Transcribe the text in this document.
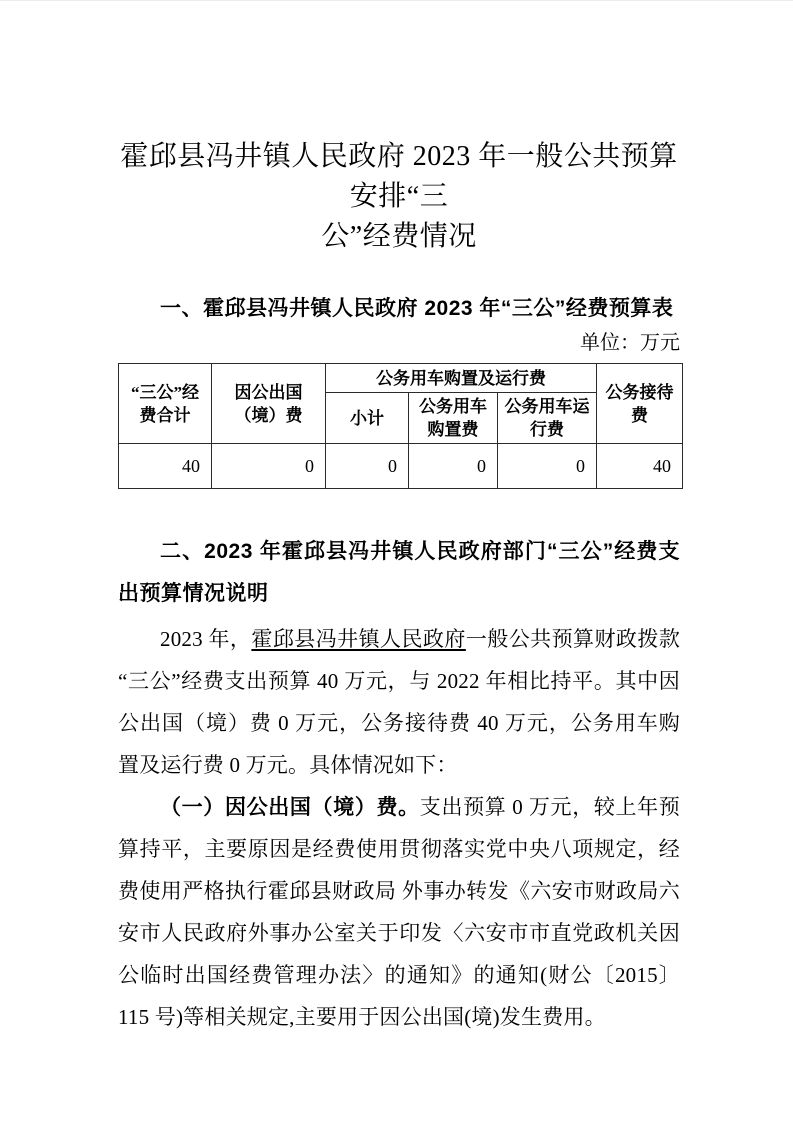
霍邱县冯井镇人民政府 2023 年一般公共预算安排“三
公”经费情况
一、霍邱县冯井镇人民政府 2023 年“三公”经费预算表
单位：万元
“三公”经费合计	因公出国（境）费	公务用车购置及运行费			公务接待费
		小计	公务用车购置费	公务用车运行费	
40	0	0	0	0	40
二、2023 年霍邱县冯井镇人民政府部门“三公”经费支出预算情况说明

2023 年，霍邱县冯井镇人民政府一般公共预算财政拨款“三公”经费支出预算 40 万元，与 2022 年相比持平。其中因公出国（境）费 0 万元，公务接待费 40 万元，公务用车购置及运行费 0 万元。具体情况如下：

（一）因公出国（境）费。支出预算 0 万元，较上年预算持平，主要原因是经费使用贯彻落实党中央八项规定，经费使用严格执行霍邱县财政局 外事办转发《六安市财政局六安市人民政府外事办公室关于印发〈六安市市直党政机关因公临时出国经费管理办法〉的通知》的通知(财公〔2015〕115 号)等相关规定,主要用于因公出国(境)发生费用。
